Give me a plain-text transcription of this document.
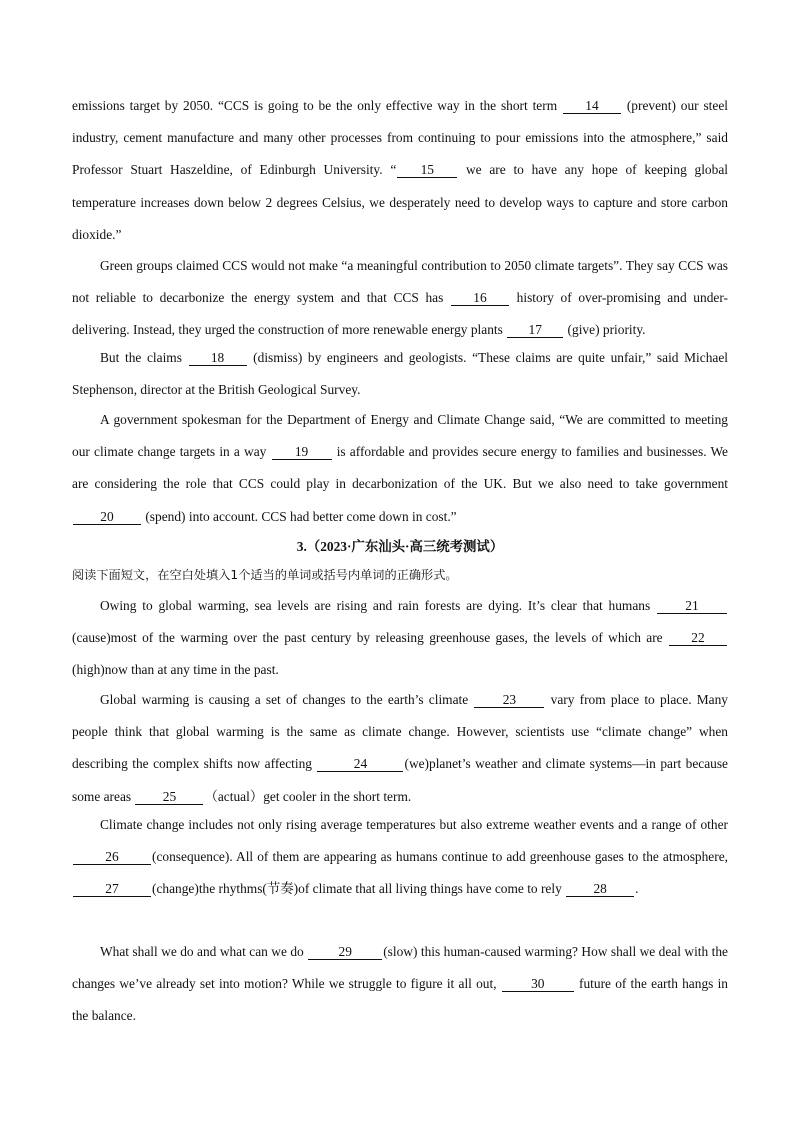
emissions target by 2050. “CCS is going to be the only effective way in the short term 14 (prevent) our steel industry, cement manufacture and many other processes from continuing to pour emissions into the atmosphere,” said Professor Stuart Haszeldine, of Edinburgh University. “ 15 we are to have any hope of keeping global temperature increases down below 2 degrees Celsius, we desperately need to develop ways to capture and store carbon dioxide.”

Green groups claimed CCS would not make “a meaningful contribution to 2050 climate targets”. They say CCS was not reliable to decarbonize the energy system and that CCS has 16 history of over-promising and under-delivering. Instead, they urged the construction of more renewable energy plants 17 (give) priority.

But the claims 18 (dismiss) by engineers and geologists. “These claims are quite unfair,” said Michael Stephenson, director at the British Geological Survey.

A government spokesman for the Department of Energy and Climate Change said, “We are committed to meeting our climate change targets in a way 19 is affordable and provides secure energy to families and businesses. We are considering the role that CCS could play in decarbonization of the UK. But we also need to take government 20 (spend) into account. CCS had better come down in cost.”

3.（2023·广东汕头·高三统考测试）

阅读下面短文，在空白处填入1个适当的单词或括号内单词的正确形式。

Owing to global warming, sea levels are rising and rain forests are dying. It’s clear that humans 21 (cause)most of the warming over the past century by releasing greenhouse gases, the levels of which are 22 (high)now than at any time in the past.

Global warming is causing a set of changes to the earth’s climate 23 vary from place to place. Many people think that global warming is the same as climate change. However, scientists use “climate change” when describing the complex shifts now affecting	24	(we)planet’s weather and climate systems—in part because some areas 25 （actual）get cooler in the short term.

Climate change includes not only rising average temperatures but also extreme weather events and a range of other 26 (consequence). All of them are appearing as humans continue to add greenhouse gases to the atmosphere, 27 (change)the rhythms(节奏)of climate that all living things have come to rely 28 .

What shall we do and what can we do 29 (slow) this human-caused warming? How shall we deal with the changes we’ve already set into motion? While we struggle to figure it all out, 30 future of the earth hangs in the balance.
